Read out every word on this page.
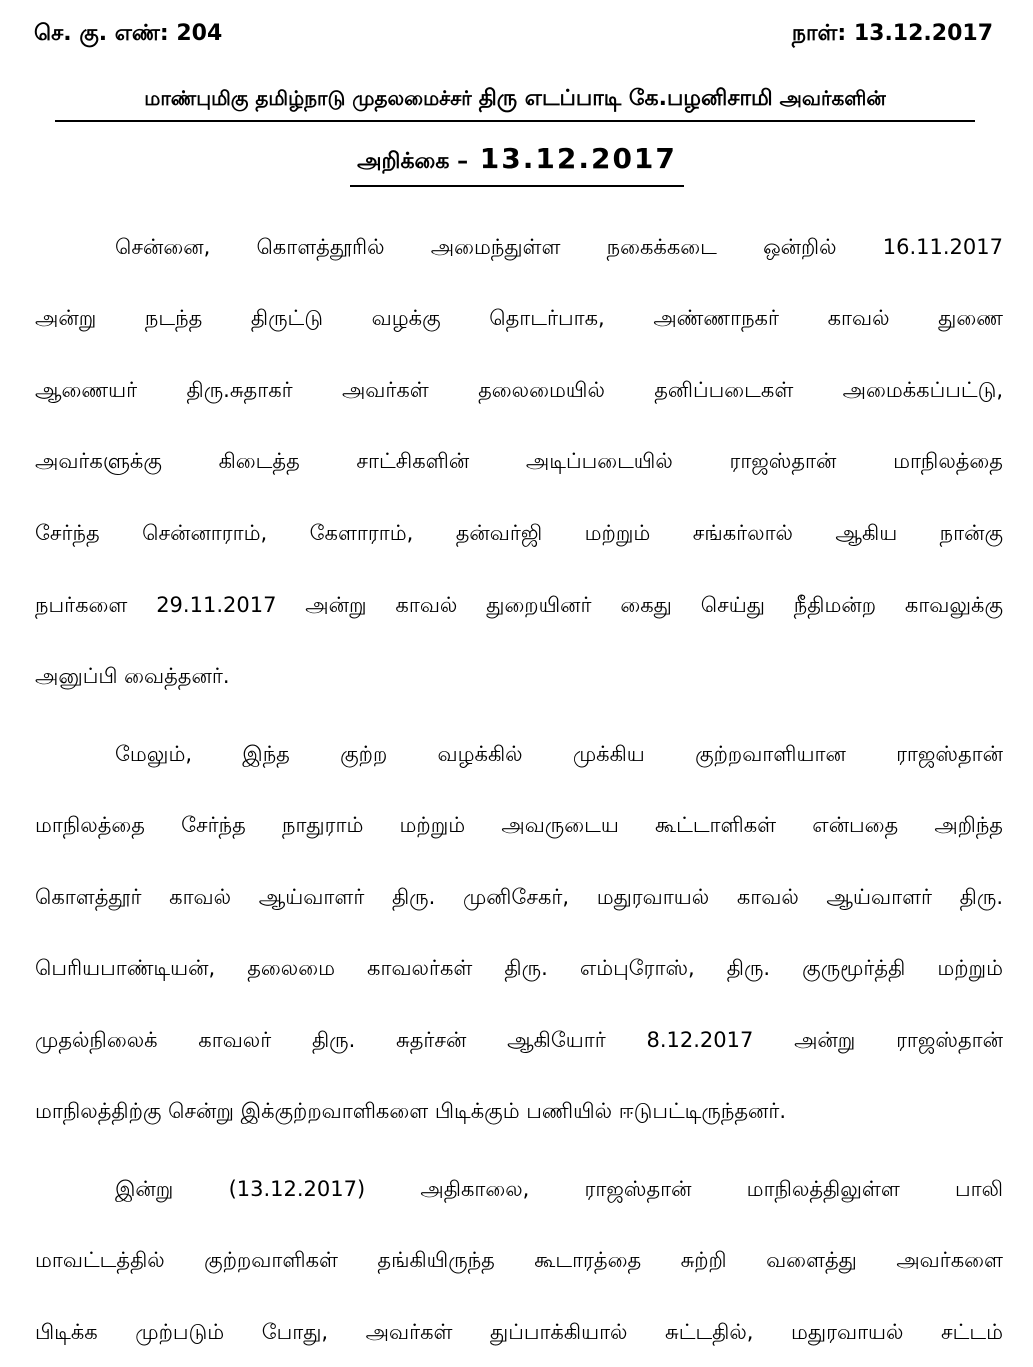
செ. கு. எண்: 204	நாள்: 13.12.2017
மாண்புமிகு தமிழ்நாடு முதலமைச்சர் திரு எடப்பாடி கே.பழனிசாமி அவர்களின்
அறிக்கை – 13.12.2017
சென்னை, கொளத்தூரில் அமைந்துள்ள நகைக்கடை ஒன்றில் 16.11.2017
அன்று நடந்த திருட்டு வழக்கு தொடர்பாக, அண்ணாநகர் காவல் துணை
ஆணையர் திரு.சுதாகர் அவர்கள் தலைமையில் தனிப்படைகள் அமைக்கப்பட்டு,
அவர்களுக்கு கிடைத்த சாட்சிகளின் அடிப்படையில் ராஜஸ்தான் மாநிலத்தை
சேர்ந்த சென்னாராம், கேளாராம், தன்வர்ஜி மற்றும் சங்கர்லால் ஆகிய நான்கு
நபர்களை 29.11.2017 அன்று காவல் துறையினர் கைது செய்து நீதிமன்ற காவலுக்கு
அனுப்பி வைத்தனர்.
மேலும், இந்த குற்ற வழக்கில் முக்கிய குற்றவாளியான ராஜஸ்தான்
மாநிலத்தை சேர்ந்த நாதுராம் மற்றும் அவருடைய கூட்டாளிகள் என்பதை அறிந்த
கொளத்தூர் காவல் ஆய்வாளர் திரு. முனிசேகர், மதுரவாயல் காவல் ஆய்வாளர் திரு.
பெரியபாண்டியன், தலைமை காவலர்கள் திரு. எம்புரோஸ், திரு. குருமூர்த்தி மற்றும்
முதல்நிலைக் காவலர் திரு. சுதர்சன் ஆகியோர் 8.12.2017 அன்று ராஜஸ்தான்
மாநிலத்திற்கு சென்று இக்குற்றவாளிகளை பிடிக்கும் பணியில் ஈடுபட்டிருந்தனர்.
இன்று (13.12.2017) அதிகாலை, ராஜஸ்தான் மாநிலத்திலுள்ள பாலி
மாவட்டத்தில் குற்றவாளிகள் தங்கியிருந்த கூடாரத்தை சுற்றி வளைத்து அவர்களை
பிடிக்க முற்படும் போது, அவர்கள் துப்பாக்கியால் சுட்டதில், மதுரவாயல் சட்டம்
